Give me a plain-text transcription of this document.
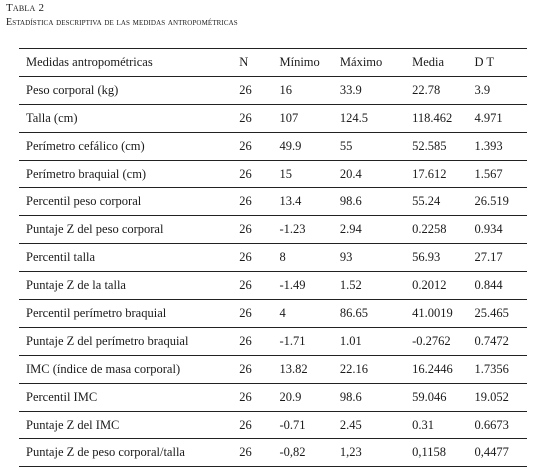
Tabla 2
Estadística descriptiva de las medidas antropométricas
Medidas antropométricas	N	Mínimo	Máximo	Media	D T
Peso corporal (kg)	26	16	33.9	22.78	3.9
Talla (cm)	26	107	124.5	118.462	4.971
Perímetro cefálico (cm)	26	49.9	55	52.585	1.393
Perímetro braquial (cm)	26	15	20.4	17.612	1.567
Percentil peso corporal	26	13.4	98.6	55.24	26.519
Puntaje Z del peso corporal	26	-1.23	2.94	0.2258	0.934
Percentil talla	26	8	93	56.93	27.17
Puntaje Z de la talla	26	-1.49	1.52	0.2012	0.844
Percentil perímetro braquial	26	4	86.65	41.0019	25.465
Puntaje Z del perímetro braquial	26	-1.71	1.01	-0.2762	0.7472
IMC (índice de masa corporal)	26	13.82	22.16	16.2446	1.7356
Percentil IMC	26	20.9	98.6	59.046	19.052
Puntaje Z del IMC	26	-0.71	2.45	0.31	0.6673
Puntaje Z de peso corporal/talla	26	-0,82	1,23	0,1158	0,4477
